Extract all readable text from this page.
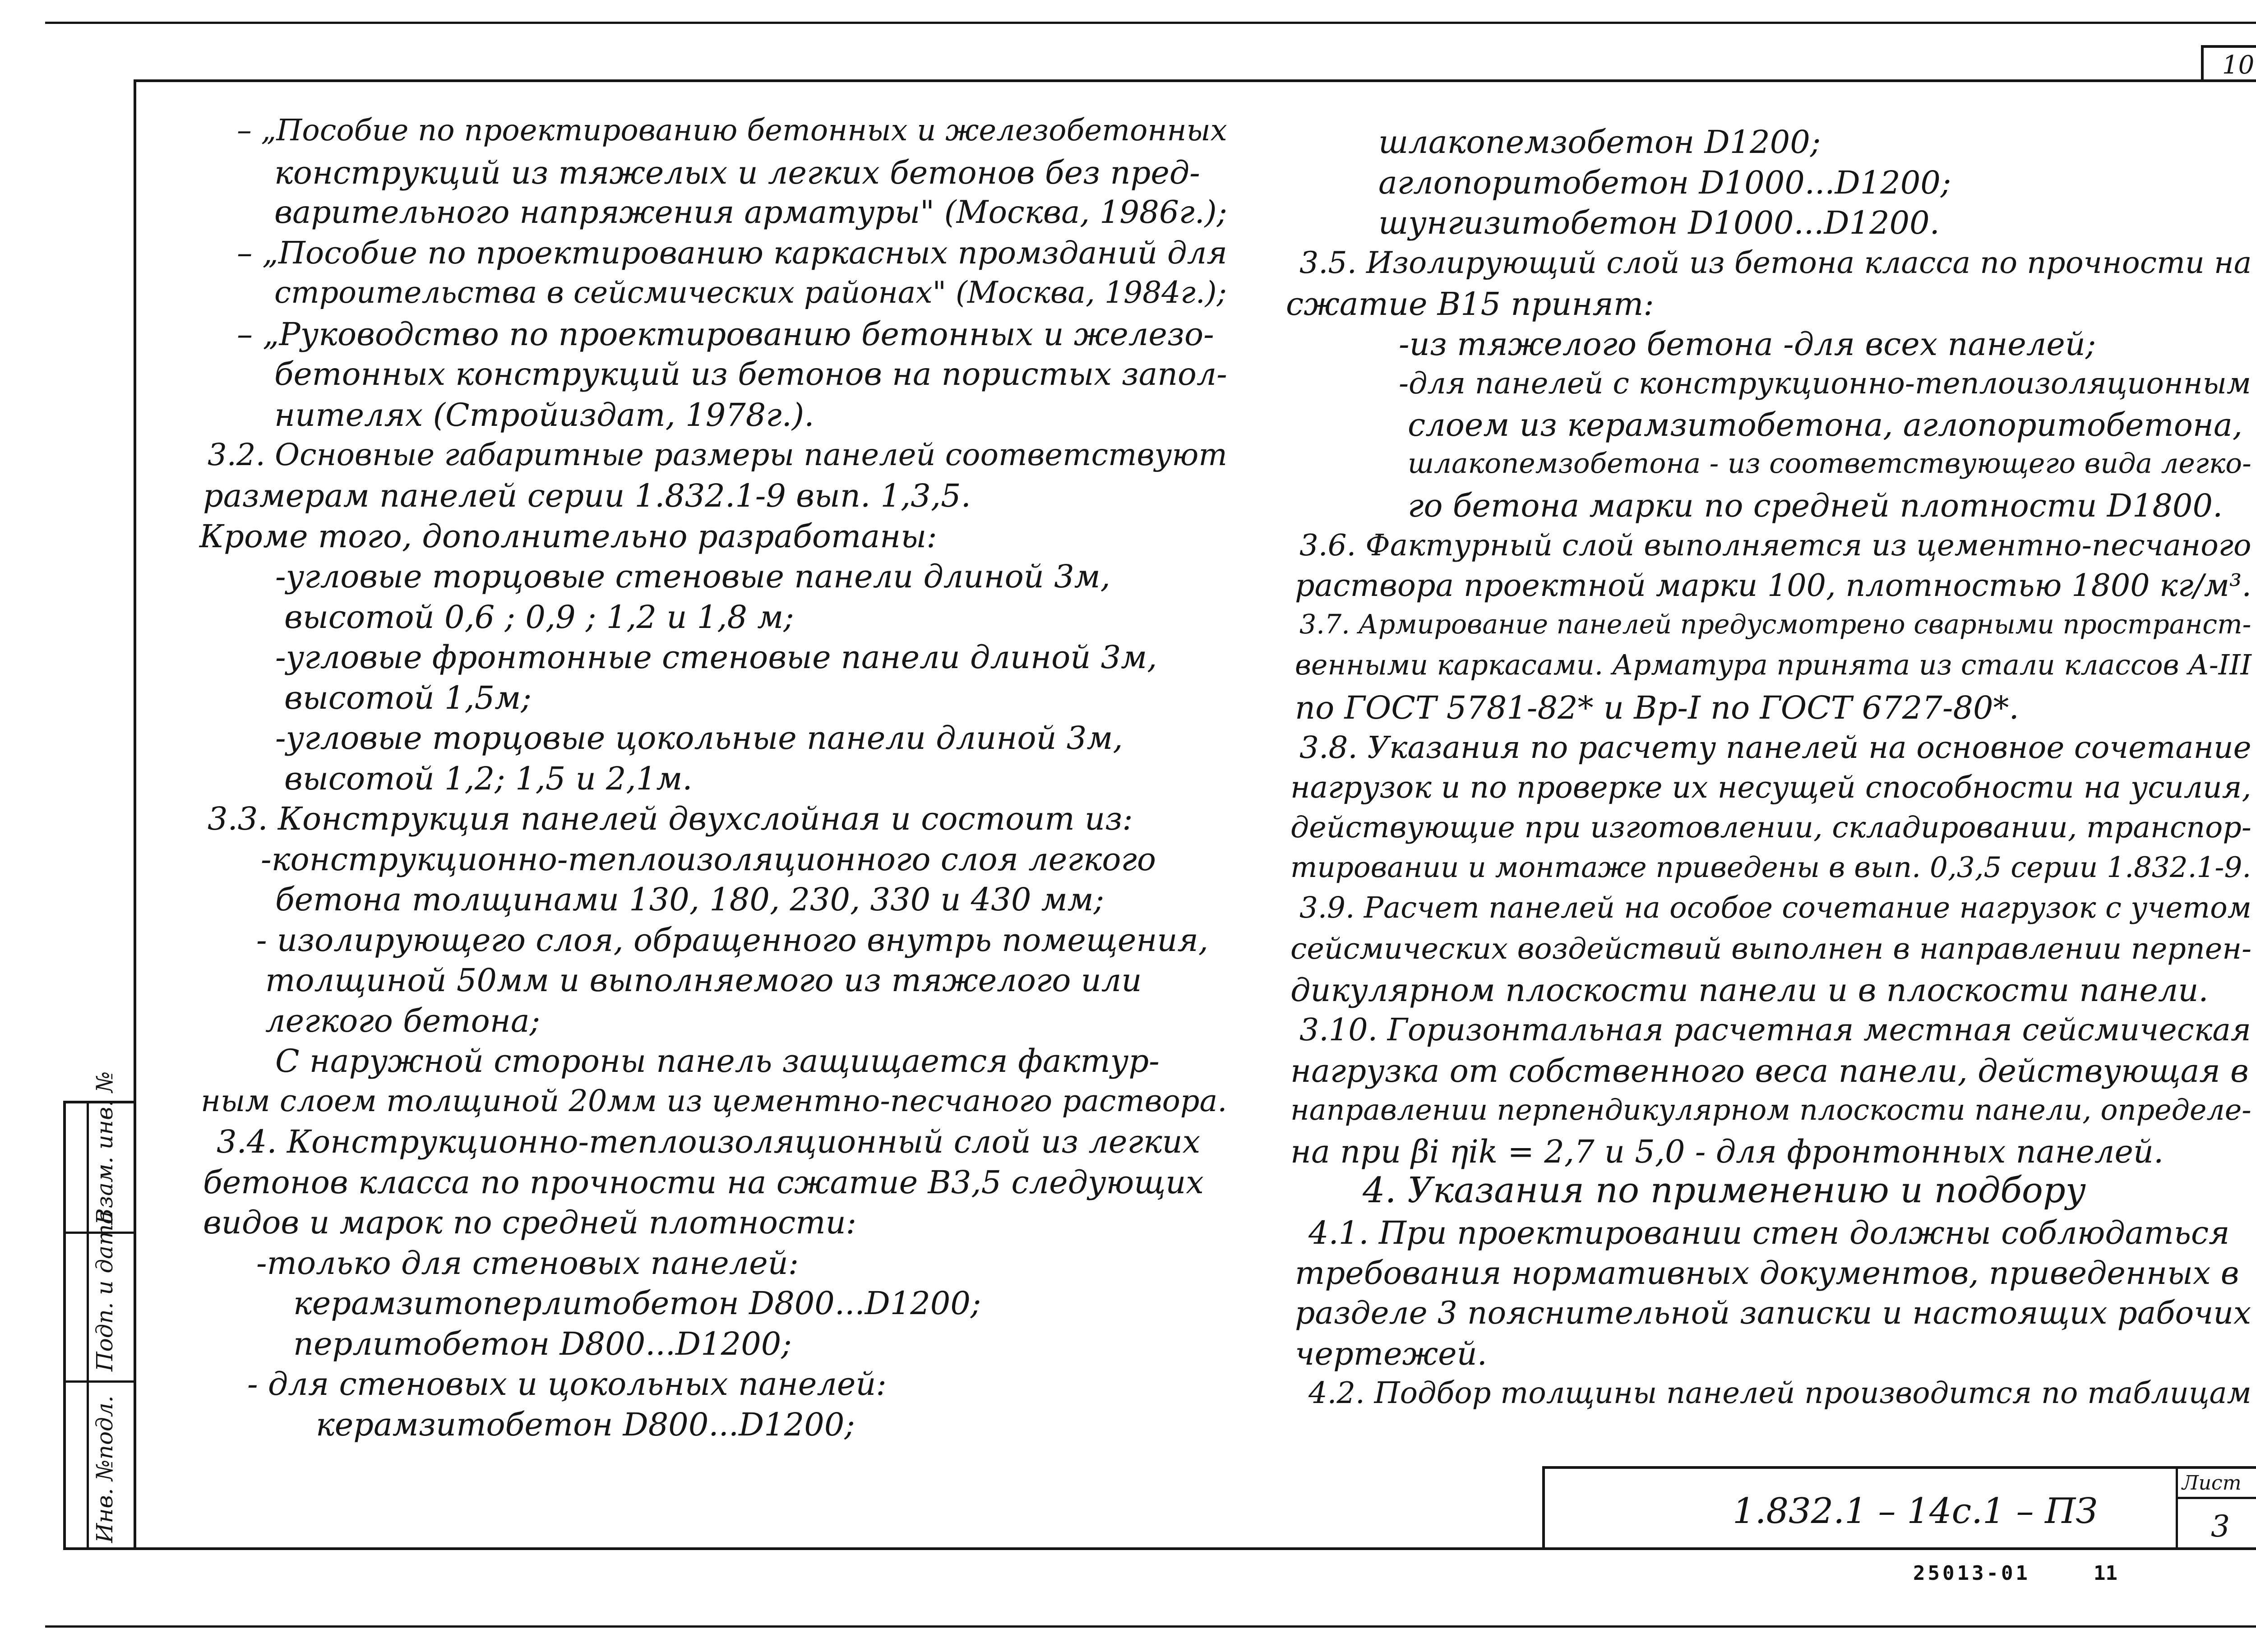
10
Инв. №подл.
Подп. и дата
Взам. инв. №
1.832.1 – 14с.1 – ПЗ
Лист
3
25013-01	11
– „Пособие по проектированию бетонных и железобетонных
конструкций из тяжелых и легких бетонов без пред-
варительного напряжения арматуры" (Москва, 1986г.);
– „Пособие по проектированию каркасных промзданий для
строительства в сейсмических районах" (Москва, 1984г.);
– „Руководство по проектированию бетонных и железо-
бетонных конструкций из бетонов на пористых запол-
нителях (Стройиздат, 1978г.).
3.2. Основные габаритные размеры панелей соответствуют
размерам панелей серии 1.832.1-9 вып. 1,3,5.
Кроме того, дополнительно разработаны:
-угловые торцовые стеновые панели длиной 3м,
высотой 0,6 ; 0,9 ; 1,2 и 1,8 м;
-угловые фронтонные стеновые панели длиной 3м,
высотой 1,5м;
-угловые торцовые цокольные панели длиной 3м,
высотой 1,2; 1,5 и 2,1м.
3.3. Конструкция панелей двухслойная и состоит из:
-конструкционно-теплоизоляционного слоя легкого
бетона толщинами 130, 180, 230, 330 и 430 мм;
- изолирующего слоя, обращенного внутрь помещения,
толщиной 50мм и выполняемого из тяжелого или
легкого бетона;
С наружной стороны панель защищается фактур-
ным слоем толщиной 20мм из цементно-песчаного раствора.
3.4. Конструкционно-теплоизоляционный слой из легких
бетонов класса по прочности на сжатие В3,5 следующих
видов и марок по средней плотности:
-только для стеновых панелей:
керамзитоперлитобетон D800...D1200;
перлитобетон D800...D1200;
- для стеновых и цокольных панелей:
керамзитобетон D800...D1200;
шлакопемзобетон D1200;
аглопоритобетон D1000...D1200;
шунгизитобетон D1000...D1200.
3.5. Изолирующий слой из бетона класса по прочности на
сжатие В15 принят:
-из тяжелого бетона -для всех панелей;
-для панелей с конструкционно-теплоизоляционным
слоем из керамзитобетона, аглопоритобетона,
шлакопемзобетона - из соответствующего вида легко-
го бетона марки по средней плотности D1800.
3.6. Фактурный слой выполняется из цементно-песчаного
раствора проектной марки 100, плотностью 1800 кг/м³.
3.7. Армирование панелей предусмотрено сварными пространст-
венными каркасами. Арматура принята из стали классов А-III
по ГОСТ 5781-82* и Вр-I по ГОСТ 6727-80*.
3.8. Указания по расчету панелей на основное сочетание
нагрузок и по проверке их несущей способности на усилия,
действующие при изготовлении, складировании, транспор-
тировании и монтаже приведены в вып. 0,3,5 серии 1.832.1-9.
3.9. Расчет панелей на особое сочетание нагрузок с учетом
сейсмических воздействий выполнен в направлении перпен-
дикулярном плоскости панели и в плоскости панели.
3.10. Горизонтальная расчетная местная сейсмическая
нагрузка от собственного веса панели, действующая в
направлении перпендикулярном плоскости панели, определе-
на при βi ηik = 2,7 и 5,0 - для фронтонных панелей.
4. Указания по применению и подбору
4.1. При проектировании стен должны соблюдаться
требования нормативных документов, приведенных в
разделе 3 пояснительной записки и настоящих рабочих
чертежей.
4.2. Подбор толщины панелей производится по таблицам
